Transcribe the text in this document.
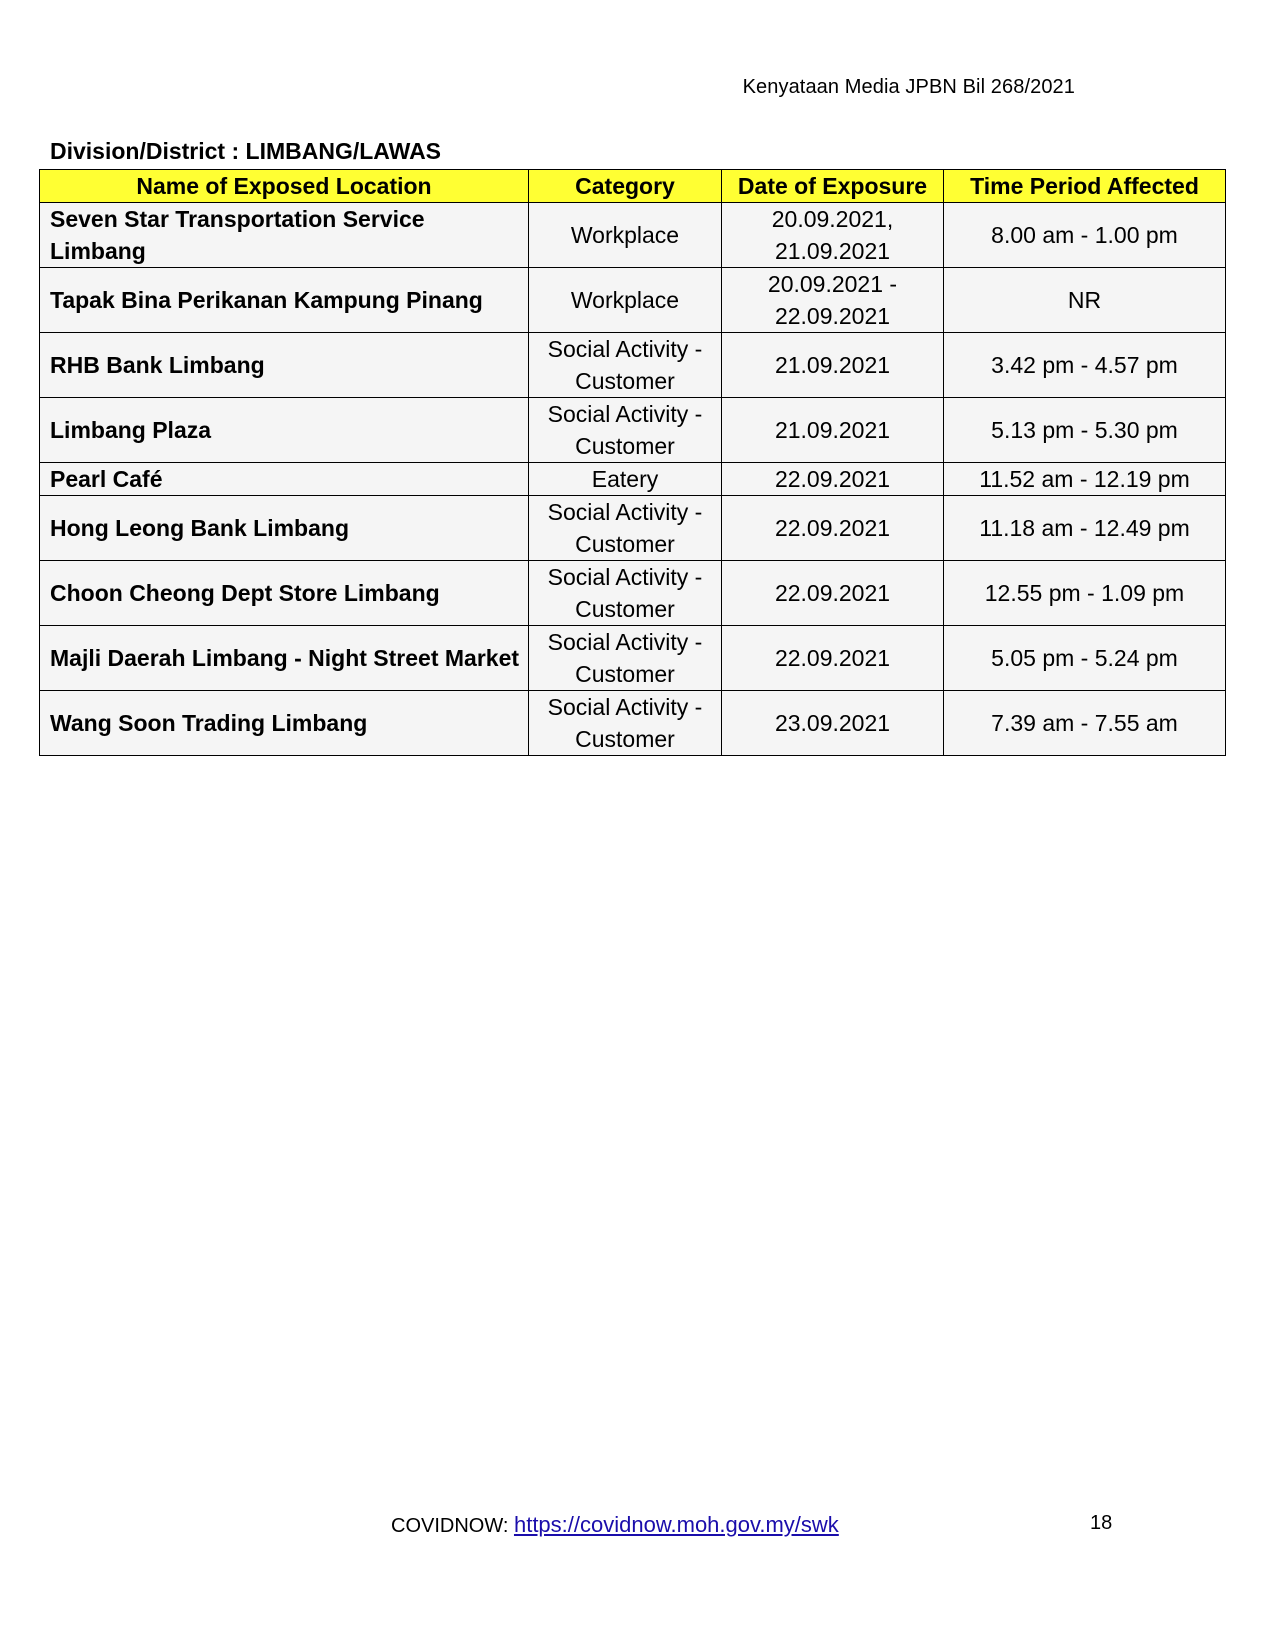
Kenyataan Media JPBN Bil 268/2021
Division/District : LIMBANG/LAWAS
Name of Exposed Location	Category	Date of Exposure	Time Period Affected
Seven Star Transportation Service Limbang	Workplace	20.09.2021, 21.09.2021	8.00 am - 1.00 pm
Tapak Bina Perikanan Kampung Pinang	Workplace	20.09.2021 - 22.09.2021	NR
RHB Bank Limbang	Social Activity - Customer	21.09.2021	3.42 pm - 4.57 pm
Limbang Plaza	Social Activity - Customer	21.09.2021	5.13 pm - 5.30 pm
Pearl Café	Eatery	22.09.2021	11.52 am - 12.19 pm
Hong Leong Bank Limbang	Social Activity - Customer	22.09.2021	11.18 am - 12.49 pm
Choon Cheong Dept Store Limbang	Social Activity - Customer	22.09.2021	12.55 pm - 1.09 pm
Majli Daerah Limbang - Night Street Market	Social Activity - Customer	22.09.2021	5.05 pm - 5.24 pm
Wang Soon Trading Limbang	Social Activity - Customer	23.09.2021	7.39 am - 7.55 am
COVIDNOW: https://covidnow.moh.gov.my/swk	18
